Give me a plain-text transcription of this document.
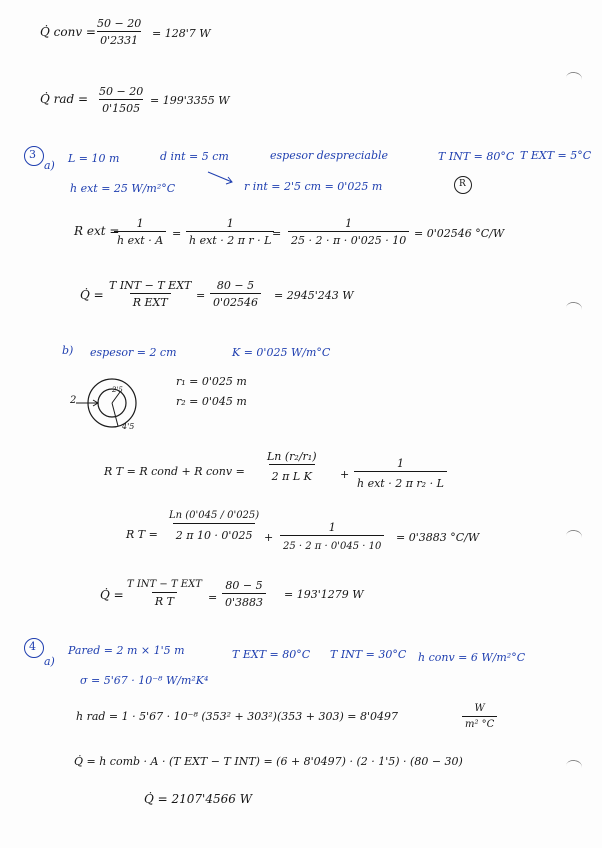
Q̇ conv =
$\frac{50 - 20}{0'2331} = 128'7$ W
Q̇ rad = $\frac{50 - 20}{0'1505} = 199'3355$ W
3
a)
L = 10 m	d int = 5 cm	espesor despreciable	T INT = 80°C T EXT = 5°C
h ext = 25 W/m²°C	r int = 2'5 cm = 0'025 m	R
R ext =
1
h ext · A
=
1
h ext · 2 π r · L
= $\frac{1}{25 \cdot 2 \cdot \pi \cdot 0'025 \cdot 10} = 0'02546$ °C/W
Q̇ =
T INT − T EXT
R EXT
= $\frac{80 - 5}{0'02546} = 2945'243$ W
b) espesor = 2 cm	K = 0'025 W/m°C
2
2'5
4'5
r₁ = 0'025 m
r₂ = 0'045 m
R T = R cond + R conv = $\frac{\text{Ln (r₂/r₁)}}{\text{2 π L K}}$ +
1
h ext · 2 π r₂ · L
R $T = \frac{Ln (0'045 / 0'025)}{2 \pi 10 \cdot 0'025} + \frac{1}{25 \cdot 2 \pi \cdot 0'045 \cdot 10} = 0'3883$ °C/W
Q̇ =
T INT − T EXT
R T	= $\frac{80 - 5}{0'3883} = 193'1279$ W
4
a)
Pared = 2 m × 1'5 m	T EXT = 80°C T INT = 30°C h conv = 6 W/m²°C
σ = 5'67 · 10⁻⁸ W/m²K⁴
h rad = 1 · 5'67 · 10⁻⁸ (353² + 303²)(353 + 303) = 8'0497	$\frac{W}{\text{m² °C}}$
Q̇ = h comb · A · (T EXT − T INT) = (6 + 8'0497) · (2 · 1'5) · (80 − 30)
Q̇ = 2107'4566 W
